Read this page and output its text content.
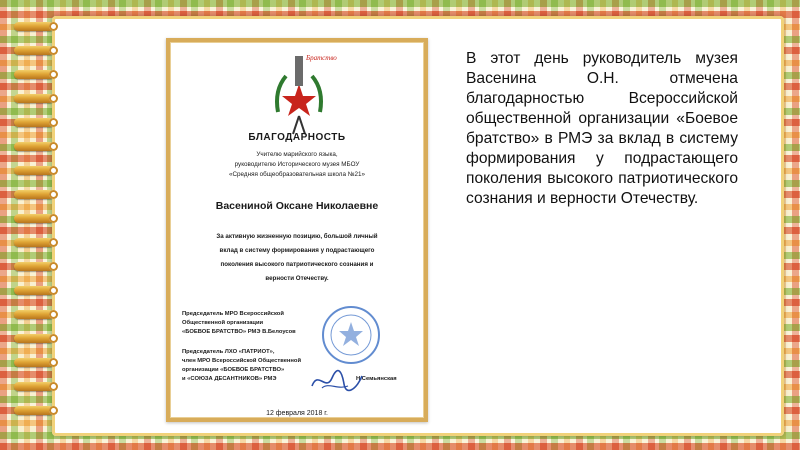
Братство
БЛАГОДАРНОСТЬ
Учителю марийского языка,
руководителю Исторического музея МБОУ
«Средняя общеобразовательная школа №21»
Васениной Оксане Николаевне
За активную жизненную позицию, большой личный
вклад в систему формирования у подрастающего
поколения высокого патриотического сознания и
верности Отечеству.
Председатель МРО Всероссийской
Общественной организации
«БОЕВОЕ БРАТСТВО» РМЭ В.Белоусов
Председатель ЛХО «ПАТРИОТ»,
член МРО Всероссийской Общественной
организации «БОЕВОЕ БРАТСТВО»
и «СОЮЗА ДЕСАНТНИКОВ» РМЭ	Н.Семьянская
12 февраля 2018 г.
В этот день руководитель музея Васенина О.Н. отмечена благодарностью Всероссийской общественной организации «Боевое братство» в РМЭ за вклад в систему формирования у подрастающего поколения высокого патриотического сознания и верности Отечеству.
